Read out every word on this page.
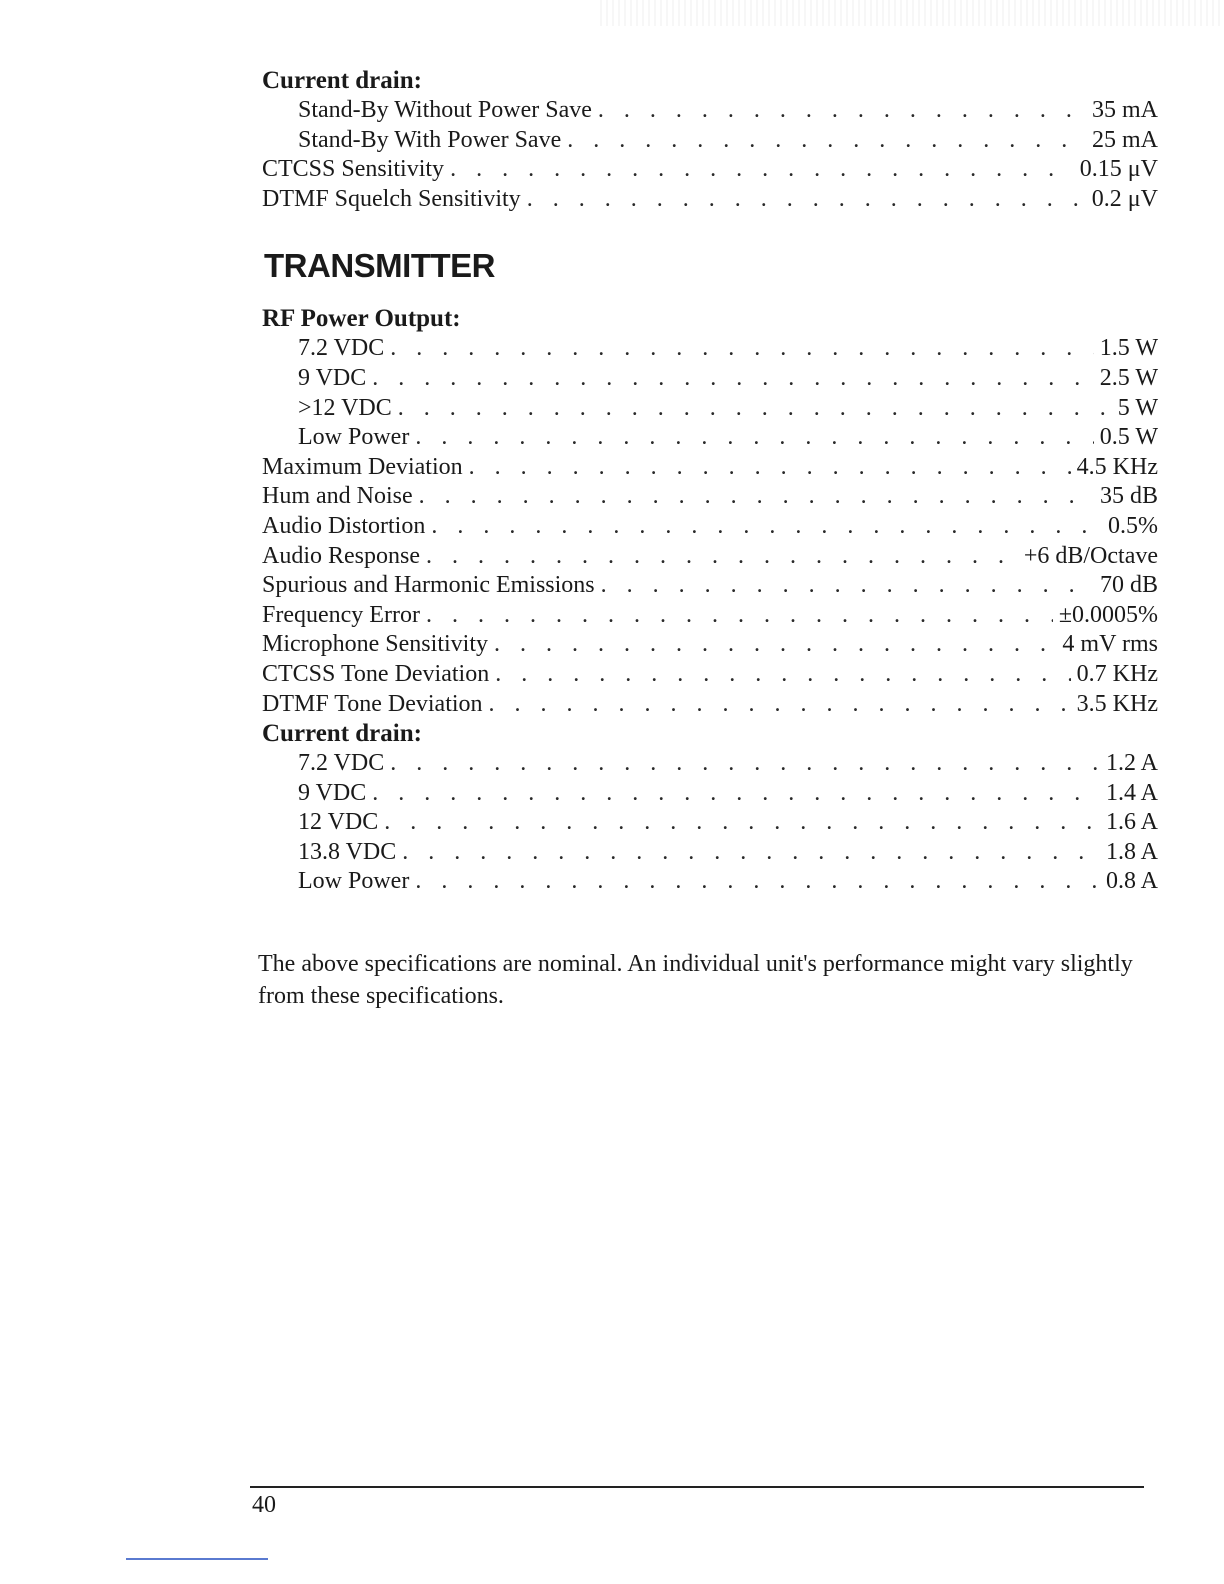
Current drain:
Stand-By Without Power Save . . .	35 mA
Stand-By With Power Save . . .	25 mA
CTCSS Sensitivity . . .	0.15 μV
DTMF Squelch Sensitivity . . .	0.2 μV
TRANSMITTER
RF Power Output:
7.2 VDC . . .	1.5 W
9 VDC . . .	2.5 W
>12 VDC . . .	5 W
Low Power . . .	0.5 W
Maximum Deviation . . .	4.5 KHz
Hum and Noise . . .	35 dB
Audio Distortion . . .	0.5%
Audio Response . . .	+6 dB/Octave
Spurious and Harmonic Emissions . . .	70 dB
Frequency Error . . .	±0.0005%
Microphone Sensitivity . . .	4 mV rms
CTCSS Tone Deviation . . .	0.7 KHz
DTMF Tone Deviation . . .	3.5 KHz
Current drain:
7.2 VDC . . .	1.2 A
9 VDC . . .	1.4 A
12 VDC . . .	1.6 A
13.8 VDC . . .	1.8 A
Low Power . . .	0.8 A

The above specifications are nominal. An individual unit's performance might vary slightly from these specifications.

40
